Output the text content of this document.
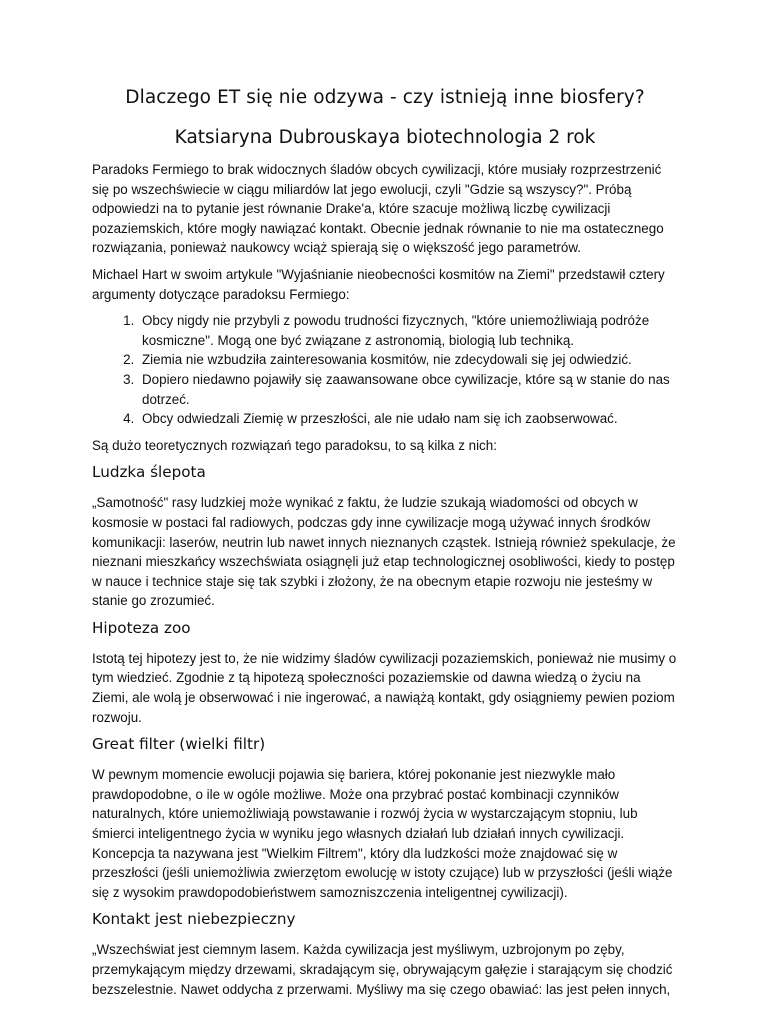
Dlaczego ET się nie odzywa - czy istnieją inne biosfery?
Katsiaryna Dubrouskaya biotechnologia 2 rok

Paradoks Fermiego to brak widocznych śladów obcych cywilizacji, które musiały rozprzestrzenić się po wszechświecie w ciągu miliardów lat jego ewolucji, czyli "Gdzie są wszyscy?". Próbą odpowiedzi na to pytanie jest równanie Drake'a, które szacuje możliwą liczbę cywilizacji pozaziemskich, które mogły nawiązać kontakt. Obecnie jednak równanie to nie ma ostatecznego rozwiązania, ponieważ naukowcy wciąż spierają się o większość jego parametrów.

Michael Hart w swoim artykule "Wyjaśnianie nieobecności kosmitów na Ziemi" przedstawił cztery argumenty dotyczące paradoksu Fermiego:

1. Obcy nigdy nie przybyli z powodu trudności fizycznych, "które uniemożliwiają podróże kosmiczne". Mogą one być związane z astronomią, biologią lub techniką.
2. Ziemia nie wzbudziła zainteresowania kosmitów, nie zdecydowali się jej odwiedzić.
3. Dopiero niedawno pojawiły się zaawansowane obce cywilizacje, które są w stanie do nas dotrzeć.
4. Obcy odwiedzali Ziemię w przeszłości, ale nie udało nam się ich zaobserwować.

Są dużo teoretycznych rozwiązań tego paradoksu, to są kilka z nich:

Ludzka ślepota

„Samotność" rasy ludzkiej może wynikać z faktu, że ludzie szukają wiadomości od obcych w kosmosie w postaci fal radiowych, podczas gdy inne cywilizacje mogą używać innych środków komunikacji: laserów, neutrin lub nawet innych nieznanych cząstek. Istnieją również spekulacje, że nieznani mieszkańcy wszechświata osiągnęli już etap technologicznej osobliwości, kiedy to postęp w nauce i technice staje się tak szybki i złożony, że na obecnym etapie rozwoju nie jesteśmy w stanie go zrozumieć.

Hipoteza zoo

Istotą tej hipotezy jest to, że nie widzimy śladów cywilizacji pozaziemskich, ponieważ nie musimy o tym wiedzieć. Zgodnie z tą hipotezą społeczności pozaziemskie od dawna wiedzą o życiu na Ziemi, ale wolą je obserwować i nie ingerować, a nawiążą kontakt, gdy osiągniemy pewien poziom rozwoju.

Great filter (wielki filtr)

W pewnym momencie ewolucji pojawia się bariera, której pokonanie jest niezwykle mało prawdopodobne, o ile w ogóle możliwe. Może ona przybrać postać kombinacji czynników naturalnych, które uniemożliwiają powstawanie i rozwój życia w wystarczającym stopniu, lub śmierci inteligentnego życia w wyniku jego własnych działań lub działań innych cywilizacji. Koncepcja ta nazywana jest "Wielkim Filtrem", który dla ludzkości może znajdować się w przeszłości (jeśli uniemożliwia zwierzętom ewolucję w istoty czujące) lub w przyszłości (jeśli wiąże się z wysokim prawdopodobieństwem samozniszczenia inteligentnej cywilizacji).

Kontakt jest niebezpieczny

„Wszechświat jest ciemnym lasem. Każda cywilizacja jest myśliwym, uzbrojonym po zęby, przemykającym między drzewami, skradającym się, obrywającym gałęzie i starającym się chodzić bezszelestnie. Nawet oddycha z przerwami. Myśliwy ma się czego obawiać: las jest pełen innych,
